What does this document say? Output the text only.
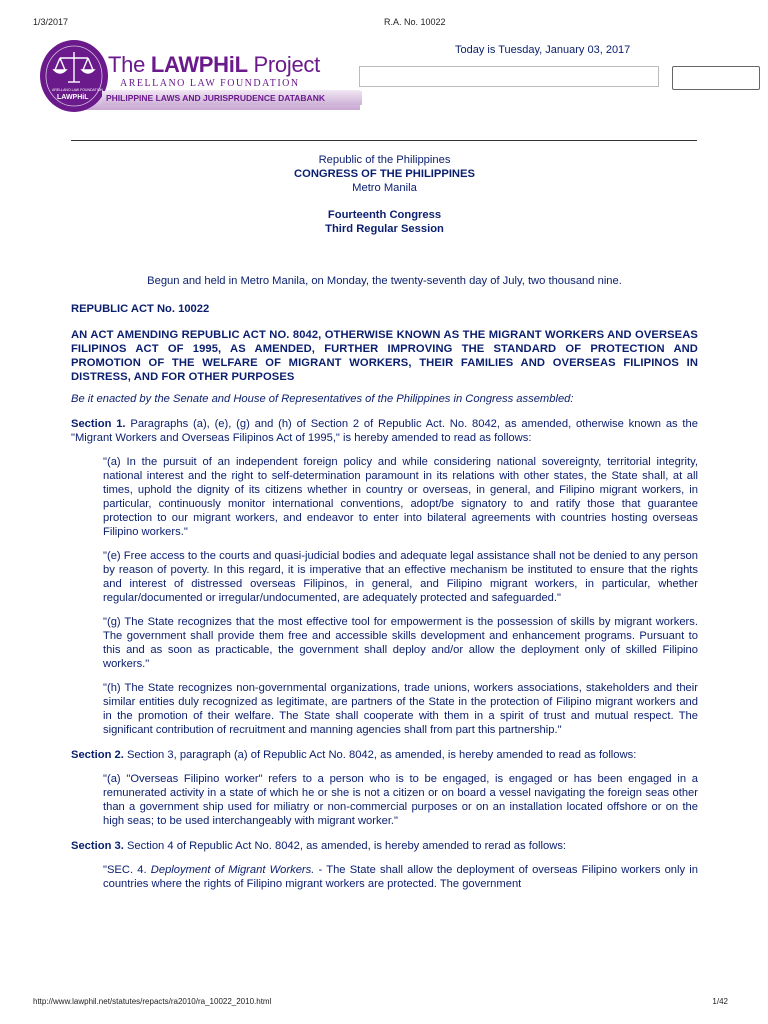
1/3/2017	R.A. No. 10022
The LAWPHiL Project
ARELLANO LAW FOUNDATION
PHILIPPINE LAWS AND JURISPRUDENCE DATABANK
ARELLANO LAW FOUNDATION
LAWPHiL
Today is Tuesday, January 03, 2017
Republic of the Philippines
CONGRESS OF THE PHILIPPINES
Metro Manila
Fourteenth Congress
Third Regular Session
Begun and held in Metro Manila, on Monday, the twenty-seventh day of July, two thousand nine.
REPUBLIC ACT No. 10022
AN ACT AMENDING REPUBLIC ACT NO. 8042, OTHERWISE KNOWN AS THE MIGRANT WORKERS AND OVERSEAS FILIPINOS ACT OF 1995, AS AMENDED, FURTHER IMPROVING THE STANDARD OF PROTECTION AND PROMOTION OF THE WELFARE OF MIGRANT WORKERS, THEIR FAMILIES AND OVERSEAS FILIPINOS IN DISTRESS, AND FOR OTHER PURPOSES
Be it enacted by the Senate and House of Representatives of the Philippines in Congress assembled:
Section 1. Paragraphs (a), (e), (g) and (h) of Section 2 of Republic Act. No. 8042, as amended, otherwise known as the "Migrant Workers and Overseas Filipinos Act of 1995," is hereby amended to read as follows:
"(a) In the pursuit of an independent foreign policy and while considering national sovereignty, territorial integrity, national interest and the right to self-determination paramount in its relations with other states, the State shall, at all times, uphold the dignity of its citizens whether in country or overseas, in general, and Filipino migrant workers, in particular, continuously monitor international conventions, adopt/be signatory to and ratify those that guarantee protection to our migrant workers, and endeavor to enter into bilateral agreements with countries hosting overseas Filipino workers."
"(e) Free access to the courts and quasi-judicial bodies and adequate legal assistance shall not be denied to any person by reason of poverty. In this regard, it is imperative that an effective mechanism be instituted to ensure that the rights and interest of distressed overseas Filipinos, in general, and Filipino migrant workers, in particular, whether regular/documented or irregular/undocumented, are adequately protected and safeguarded."
"(g) The State recognizes that the most effective tool for empowerment is the possession of skills by migrant workers. The government shall provide them free and accessible skills development and enhancement programs. Pursuant to this and as soon as practicable, the government shall deploy and/or allow the deployment only of skilled Filipino workers."
"(h) The State recognizes non-governmental organizations, trade unions, workers associations, stakeholders and their similar entities duly recognized as legitimate, are partners of the State in the protection of Filipino migrant workers and in the promotion of their welfare. The State shall cooperate with them in a spirit of trust and mutual respect. The significant contribution of recruitment and manning agencies shall from part this partnership."
Section 2. Section 3, paragraph (a) of Republic Act No. 8042, as amended, is hereby amended to read as follows:
"(a) "Overseas Filipino worker" refers to a person who is to be engaged, is engaged or has been engaged in a remunerated activity in a state of which he or she is not a citizen or on board a vessel navigating the foreign seas other than a government ship used for miliatry or non-commercial purposes or on an installation located offshore or on the high seas; to be used interchangeably with migrant worker."
Section 3. Section 4 of Republic Act No. 8042, as amended, is hereby amended to rerad as follows:
"SEC. 4. Deployment of Migrant Workers. - The State shall allow the deployment of overseas Filipino workers only in countries where the rights of Filipino migrant workers are protected. The government
http://www.lawphil.net/statutes/repacts/ra2010/ra_10022_2010.html	1/42
